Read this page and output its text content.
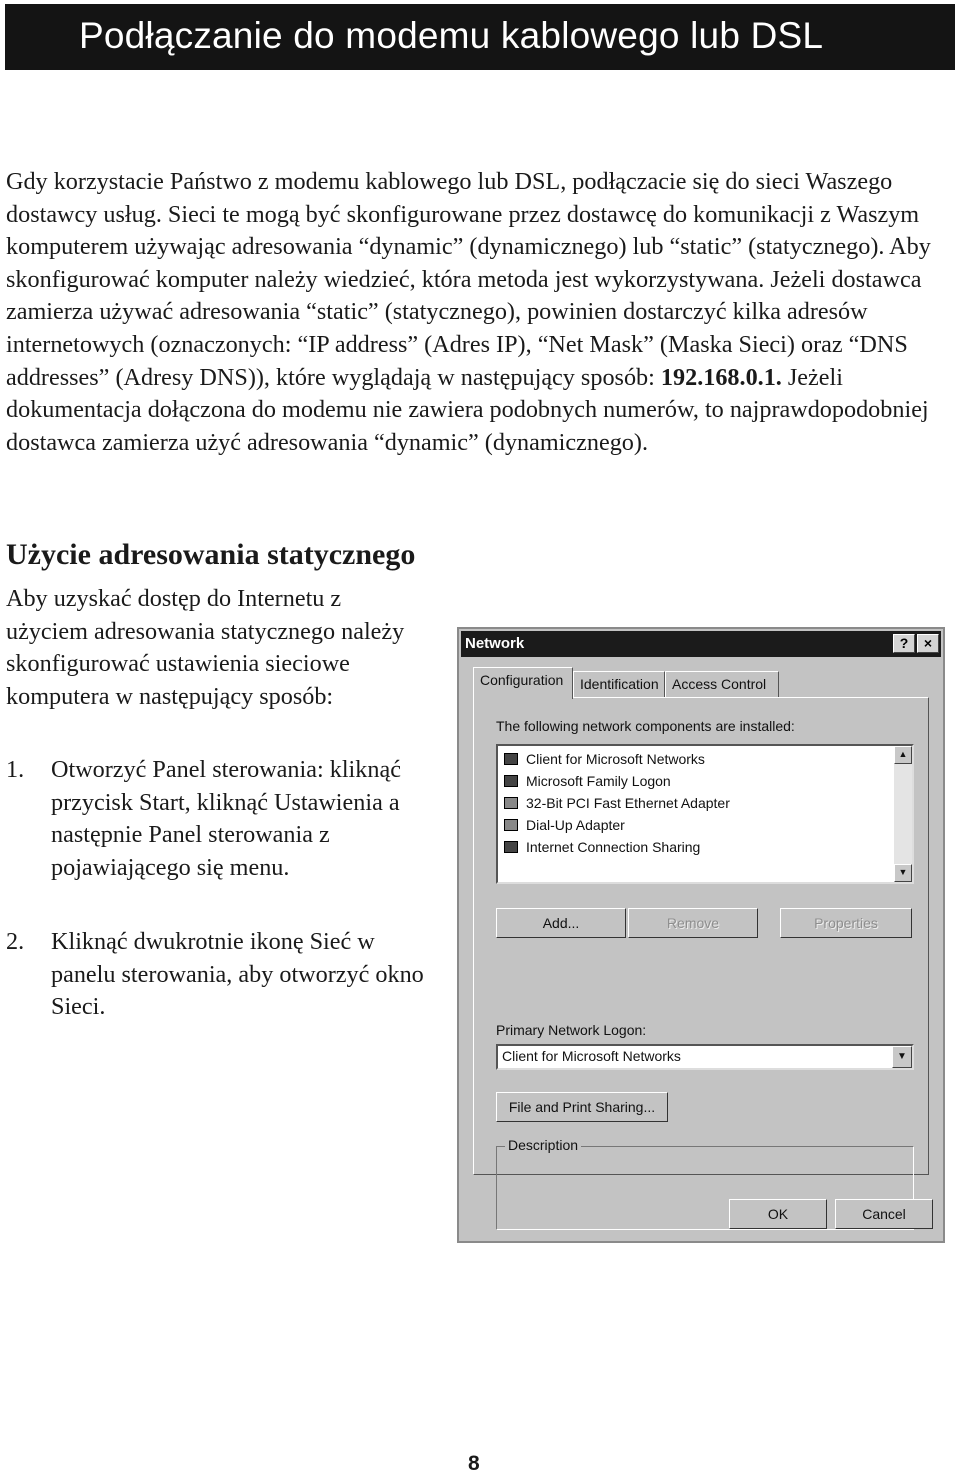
Podłączanie do modemu kablowego lub DSL

Gdy korzystacie Państwo z modemu kablowego lub DSL, podłączacie się do sieci Waszego dostawcy usług. Sieci te mogą być skonfigurowane przez dostawcę do komunikacji z Waszym komputerem używając adresowania “dynamic” (dynamicznego) lub “static” (statycznego). Aby skonfigurować komputer należy wiedzieć, która metoda jest wykorzystywana. Jeżeli dostawca zamierza używać adresowania “static” (statycznego), powinien dostarczyć kilka adresów internetowych (oznaczonych: “IP address” (Adres IP), “Net Mask” (Maska Sieci) oraz “DNS addresses” (Adresy DNS)), które wyglądają w następujący sposób: 192.168.0.1. Jeżeli dokumentacja dołączona do modemu nie zawiera podobnych numerów, to najprawdopodobniej dostawca zamierza użyć adresowania “dynamic” (dynamicznego).

Użycie adresowania statycznego

Aby uzyskać dostęp do Internetu z użyciem adresowania statycznego należy skonfigurować ustawienia sieciowe komputera w następujący sposób:

1. Otworzyć Panel sterowania: kliknąć przycisk Start, kliknąć Ustawienia a następnie Panel sterowania z pojawiającego się menu.
2. Kliknąć dwukrotnie ikonę Sieć w panelu sterowania, aby otworzyć okno Sieci.
Network	?	×
Configuration	Identification Access Control
The following network components are installed:
Client for Microsoft Networks
Microsoft Family Logon
32-Bit PCI Fast Ethernet Adapter
Dial-Up Adapter
Internet Connection Sharing
▲
▼
Add...	Remove	Properties
Primary Network Logon:
Client for Microsoft Networks	▼
File and Print Sharing...
Description
OK	Cancel
8
